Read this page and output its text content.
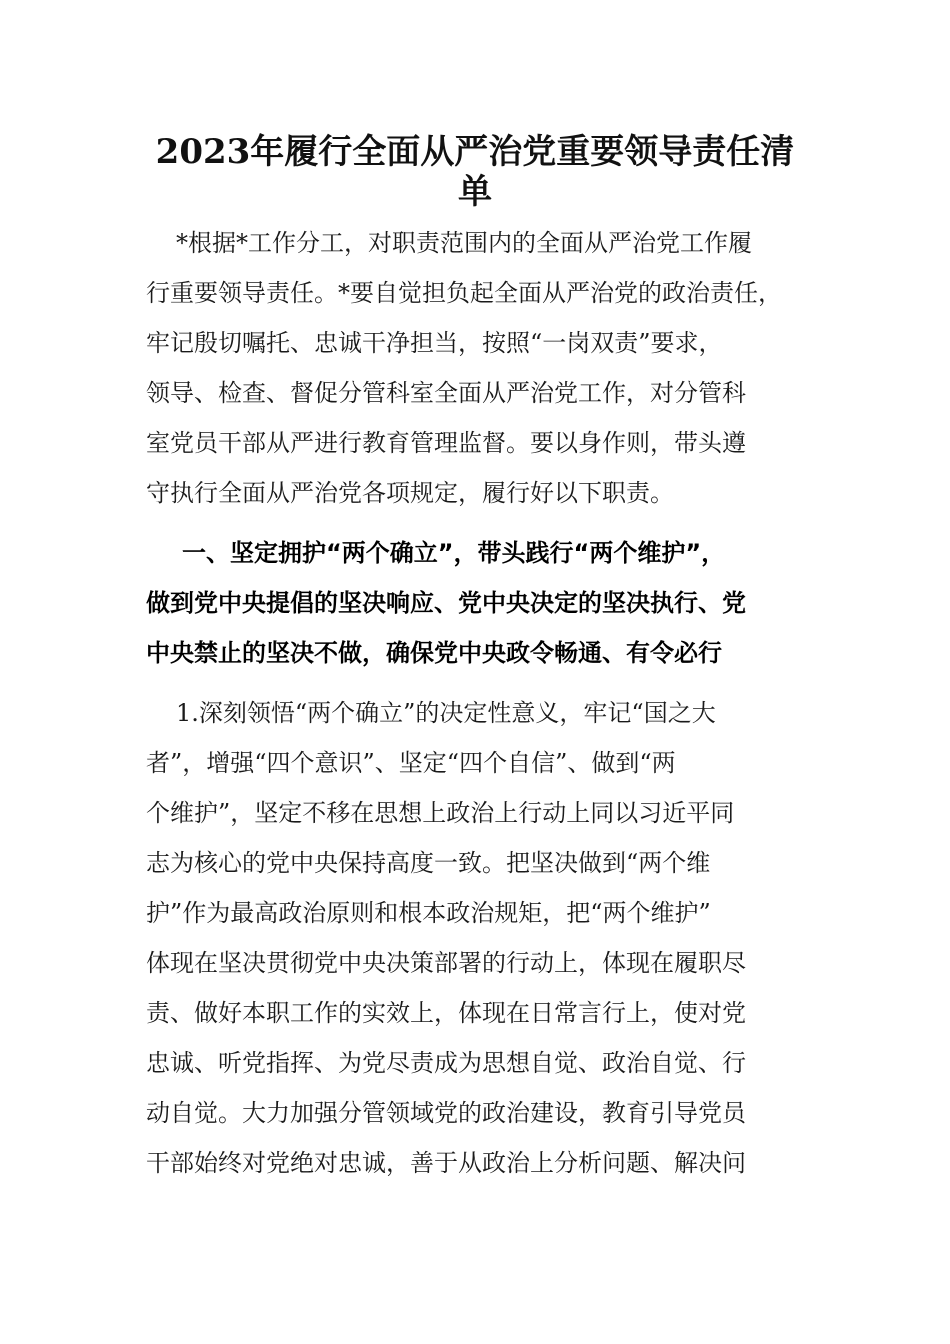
2023年履行全面从严治党重要领导责任清
单
*根据*工作分工，对职责范围内的全面从严治党工作履
行重要领导责任。*要自觉担负起全面从严治党的政治责任，
牢记殷切嘱托、忠诚干净担当，按照“一岗双责”要求，
领导、检查、督促分管科室全面从严治党工作，对分管科
室党员干部从严进行教育管理监督。要以身作则，带头遵
守执行全面从严治党各项规定，履行好以下职责。
一、坚定拥护“两个确立”，带头践行“两个维护”，
做到党中央提倡的坚决响应、党中央决定的坚决执行、党
中央禁止的坚决不做，确保党中央政令畅通、有令必行
1.深刻领悟“两个确立”的决定性意义，牢记“国之大
者”，增强“四个意识”、坚定“四个自信”、做到“两
个维护”，坚定不移在思想上政治上行动上同以习近平同
志为核心的党中央保持高度一致。把坚决做到“两个维
护”作为最高政治原则和根本政治规矩，把“两个维护”
体现在坚决贯彻党中央决策部署的行动上，体现在履职尽
责、做好本职工作的实效上，体现在日常言行上，使对党
忠诚、听党指挥、为党尽责成为思想自觉、政治自觉、行
动自觉。大力加强分管领域党的政治建设，教育引导党员
干部始终对党绝对忠诚，善于从政治上分析问题、解决问
